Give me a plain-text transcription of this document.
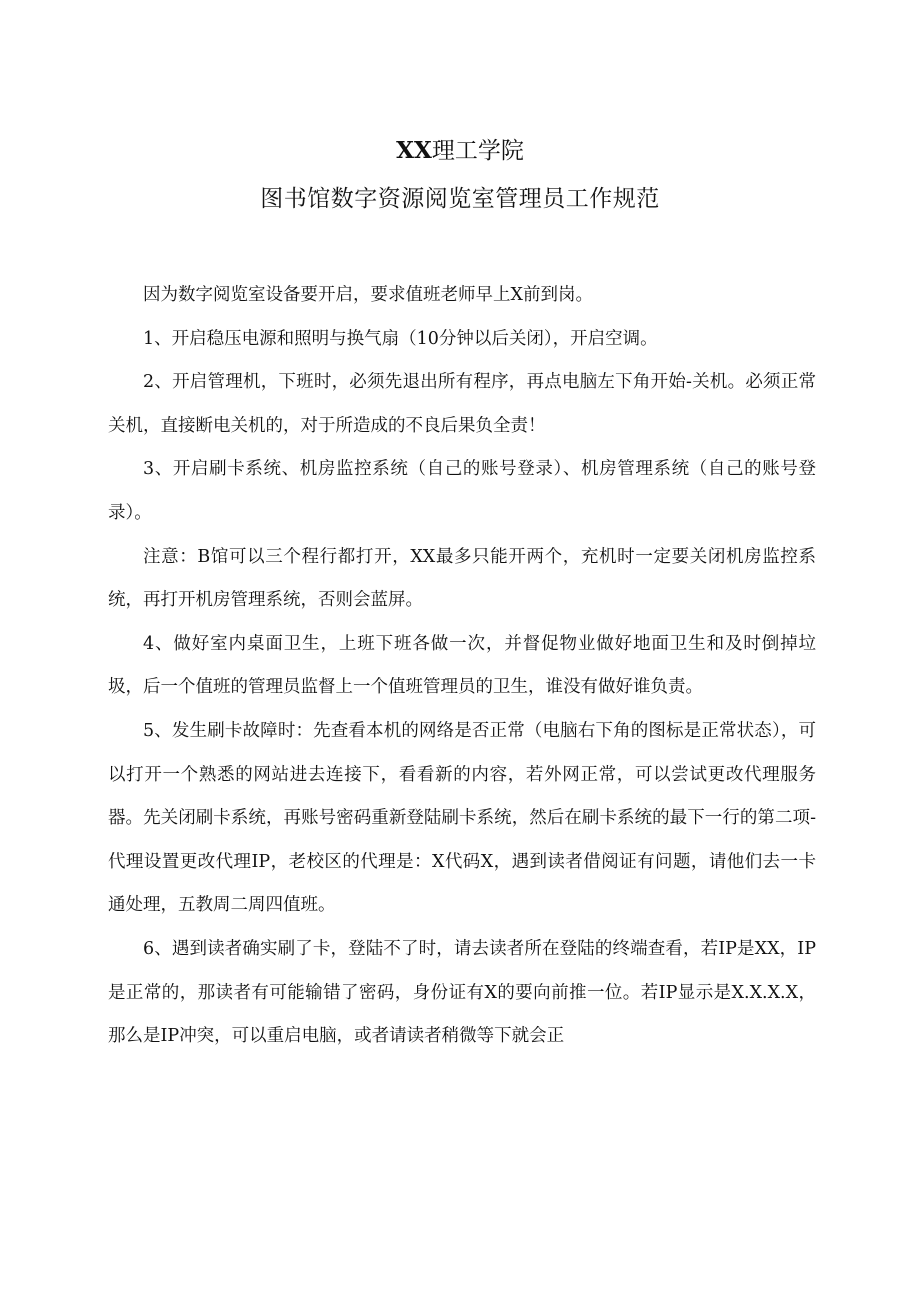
XX理工学院
图书馆数字资源阅览室管理员工作规范

因为数字阅览室设备要开启，要求值班老师早上X前到岗。

1、开启稳压电源和照明与换气扇（10分钟以后关闭），开启空调。

2、开启管理机，下班时，必须先退出所有程序，再点电脑左下角开始-关机。必须正常关机，直接断电关机的，对于所造成的不良后果负全责！

3、开启刷卡系统、机房监控系统（自己的账号登录）、机房管理系统（自己的账号登录）。

注意：B馆可以三个程行都打开，XX最多只能开两个，充机时一定要关闭机房监控系统，再打开机房管理系统，否则会蓝屏。

4、做好室内桌面卫生，上班下班各做一次，并督促物业做好地面卫生和及时倒掉垃圾，后一个值班的管理员监督上一个值班管理员的卫生，谁没有做好谁负责。

5、发生刷卡故障时：先查看本机的网络是否正常（电脑右下角的图标是正常状态），可以打开一个熟悉的网站进去连接下，看看新的内容，若外网正常，可以尝试更改代理服务器。先关闭刷卡系统，再账号密码重新登陆刷卡系统，然后在刷卡系统的最下一行的第二项-代理设置更改代理IP，老校区的代理是：X代码X，遇到读者借阅证有问题，请他们去一卡通处理，五教周二周四值班。

6、遇到读者确实刷了卡，登陆不了时，请去读者所在登陆的终端查看，若IP是XX，IP是正常的，那读者有可能输错了密码，身份证有X的要向前推一位。若IP显示是X.X.X.X，那么是IP冲突，可以重启电脑，或者请读者稍微等下就会正
